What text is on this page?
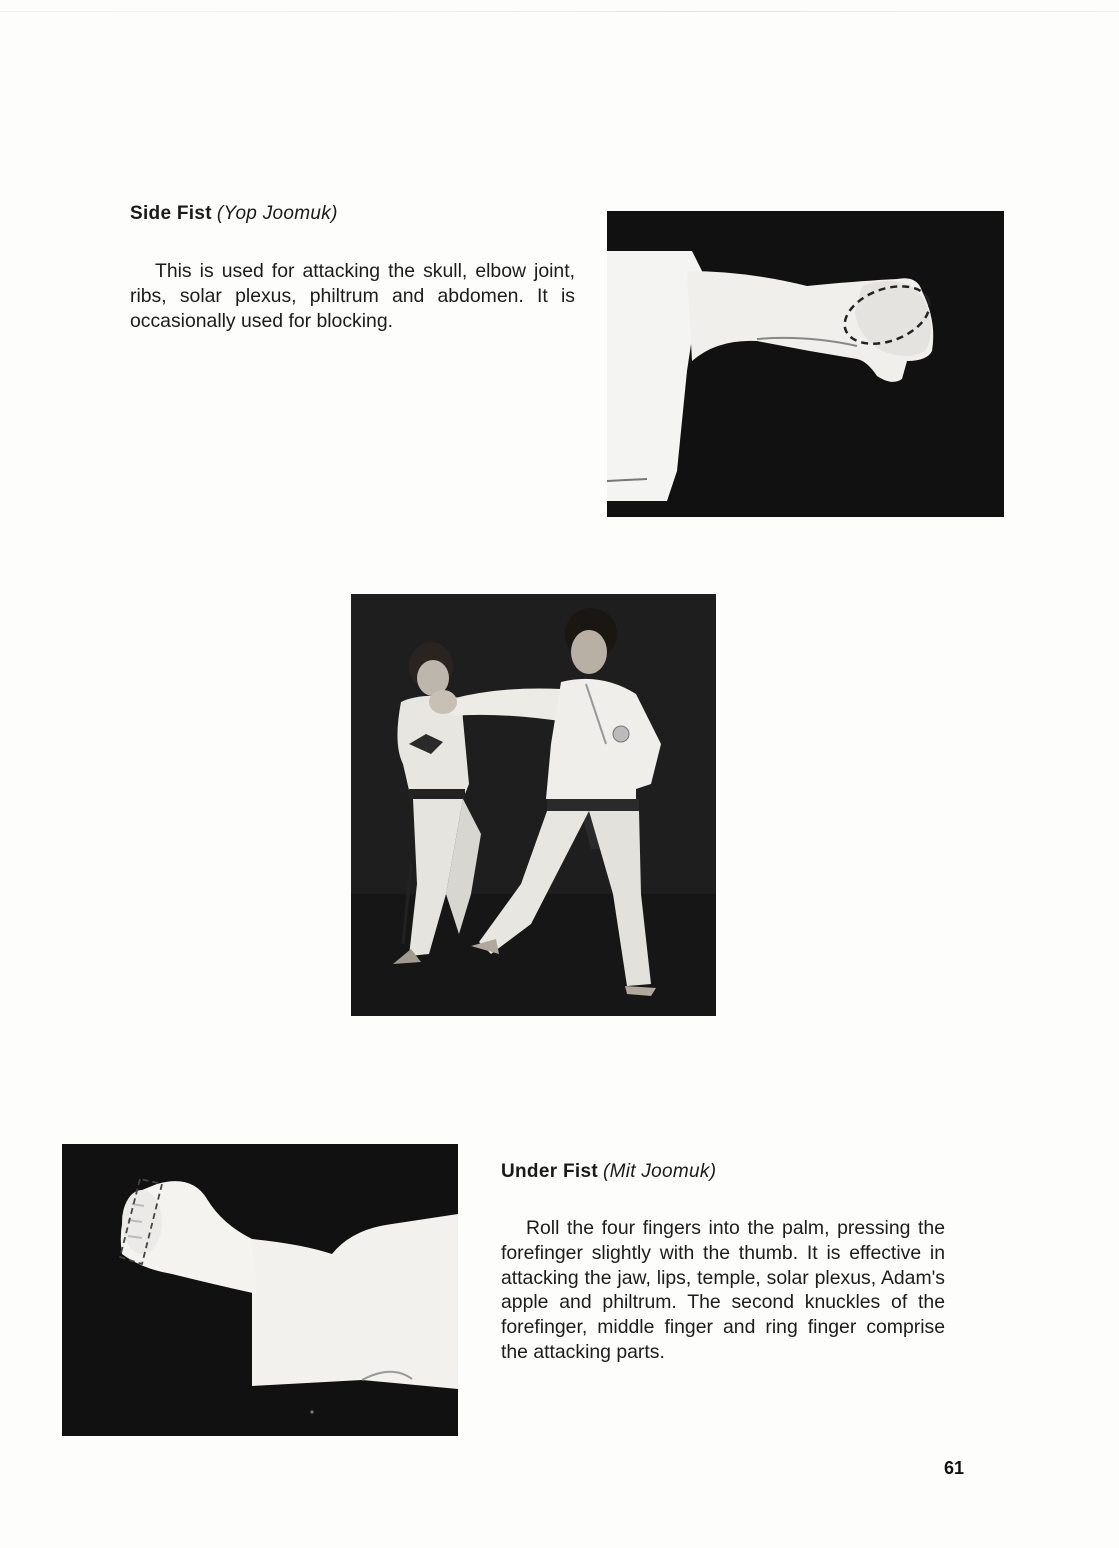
Side Fist (Yop Joomuk)
This is used for attacking the skull, elbow joint, ribs, solar plexus, philtrum and abdomen. It is occasionally used for blocking.
Under Fist (Mit Joomuk)
Roll the four fingers into the palm, pressing the forefinger slightly with the thumb. It is effective in attacking the jaw, lips, temple, solar plexus, Adam's apple and philtrum. The second knuckles of the forefinger, middle finger and ring finger comprise the attacking parts.
61
